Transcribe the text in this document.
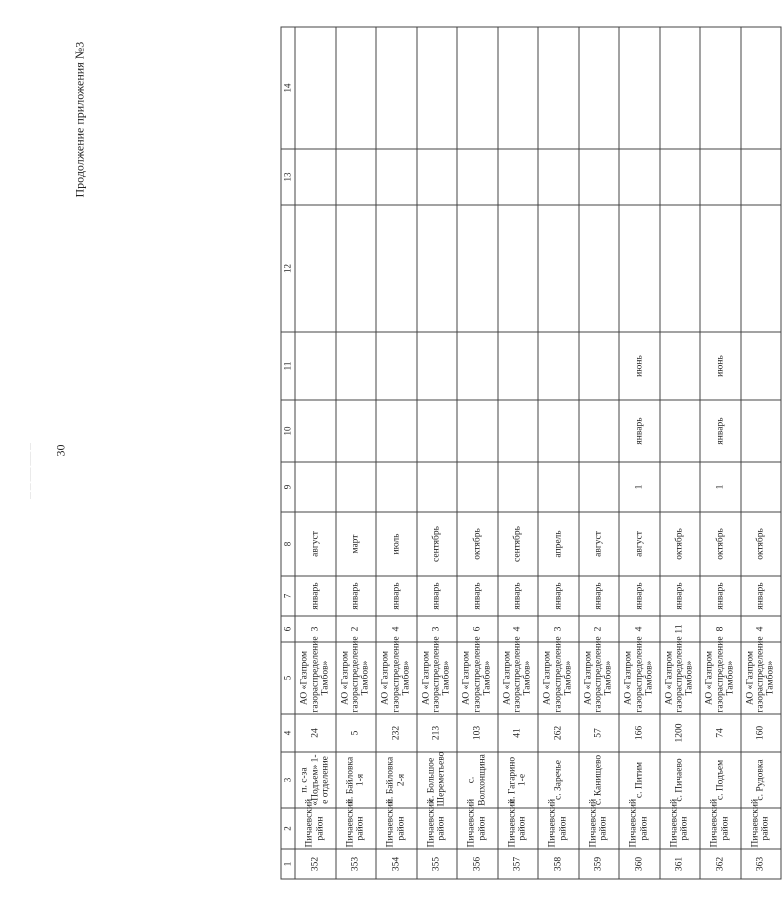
— — —— —— — 30
Продолжение приложения №3
1	2	3	4	5	6	7	8	9	10	11	12	13	14
352	Пичаевский район	п. с-за «Подъем» 1-е отделение	24	АО «Газпром газораспределение Тамбов»	3	январь	август						
353	Пичаевский район	с. Байловка 1-я	5	АО «Газпром газораспределение Тамбов»	2	январь	март						
354	Пичаевский район	с. Байловка 2-я	232	АО «Газпром газораспределение Тамбов»	4	январь	июль						
355	Пичаевский район	с. Большое Шереметьево	213	АО «Газпром газораспределение Тамбов»	3	январь	сентябрь						
356	Пичаевский район	с. Волхонщина	103	АО «Газпром газораспределение Тамбов»	6	январь	октябрь						
357	Пичаевский район	с. Гагарино 1-е	41	АО «Газпром газораспределение Тамбов»	4	январь	сентябрь						
358	Пичаевский район	с. Заречье	262	АО «Газпром газораспределение Тамбов»	3	январь	апрель						
359	Пичаевский район	с. Канищево	57	АО «Газпром газораспределение Тамбов»	2	январь	август						
360	Пичаевский район	с. Питим	166	АО «Газпром газораспределение Тамбов»	4	январь	август	1	январь	июнь			
361	Пичаевский район	с. Пичаево	1200	АО «Газпром газораспределение Тамбов»	11	январь	октябрь						
362	Пичаевский район	с. Подъем	74	АО «Газпром газораспределение Тамбов»	8	январь	октябрь	1	январь	июнь			
363	Пичаевский район	с. Рудовка	160	АО «Газпром газораспределение Тамбов»	4	январь	октябрь						
